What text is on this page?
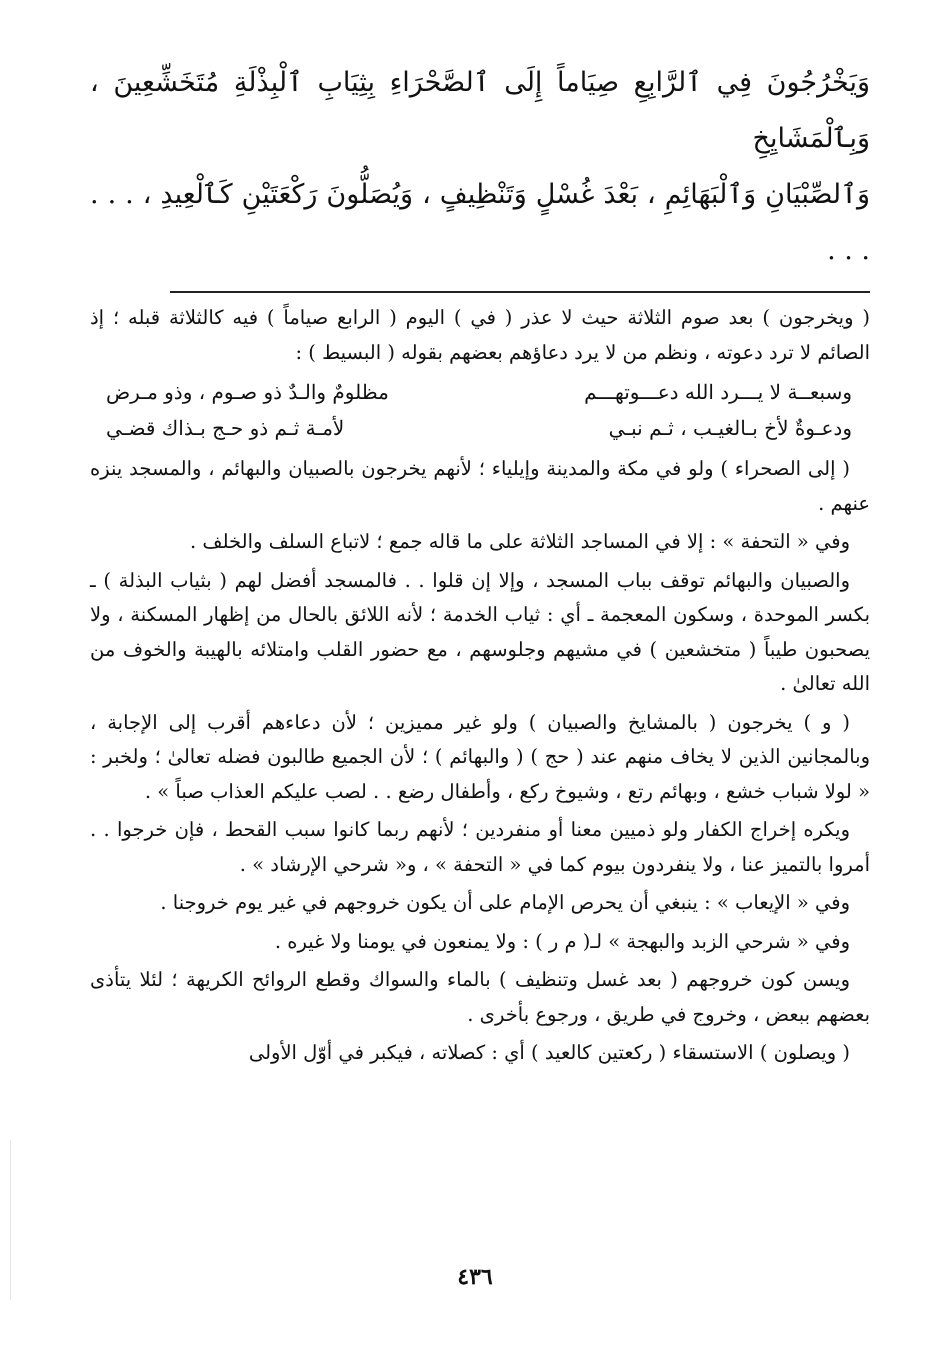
وَيَخْرُجُونَ فِي ٱلرَّابِعِ صِيَاماً إِلَى ٱلصَّحْرَاءِ بِثِيَابِ ٱلْبِذْلَةِ مُتَخَشِّعِينَ ، وَبِٱلْمَشَايِخِ
وَٱلصِّبْيَانِ وَٱلْبَهَائِمِ ، بَعْدَ غُسْلٍ وَتَنْظِيفٍ ، وَيُصَلُّونَ رَكْعَتَيْنِ كَٱلْعِيدِ ، . . . . . .

( ويخرجون ) بعد صوم الثلاثة حيث لا عذر ( في ) اليوم ( الرابع صياماً ) فيه كالثلاثة قبله ؛ إذ الصائم لا ترد دعوته ، ونظم من لا يرد دعاؤهم بعضهم بقوله ( البسيط ) :

وسبعــة لا يـــرد الله دعـــوتهـــم
مظلومٌ والـدٌ ذو صـوم ، وذو مـرض
ودعـوةٌ لأخ بـالغيـب ، ثـم نبـي
لأمـة ثـم ذو حـج بـذاك قضـي

( إلى الصحراء ) ولو في مكة والمدينة وإيلياء ؛ لأنهم يخرجون بالصبيان والبهائم ، والمسجد ينزه عنهم .

وفي « التحفة » : إلا في المساجد الثلاثة على ما قاله جمع ؛ لاتباع السلف والخلف .

والصبيان والبهائم توقف بباب المسجد ، وإلا إن قلوا . . فالمسجد أفضل لهم ( بثياب البذلة ) ـ بكسر الموحدة ، وسكون المعجمة ـ أي : ثياب الخدمة ؛ لأنه اللائق بالحال من إظهار المسكنة ، ولا يصحبون طيباً ( متخشعين ) في مشيهم وجلوسهم ، مع حضور القلب وامتلائه بالهيبة والخوف من الله تعالىٰ .

( و ) يخرجون ( بالمشايخ والصبيان ) ولو غير مميزين ؛ لأن دعاءهم أقرب إلى الإجابة ، وبالمجانين الذين لا يخاف منهم عند ( حج ) ( والبهائم ) ؛ لأن الجميع طالبون فضله تعالىٰ ؛ ولخبر : « لولا شباب خشع ، وبهائم رتع ، وشيوخ ركع ، وأطفال رضع . . لصب عليكم العذاب صباً » .

ويكره إخراج الكفار ولو ذميين معنا أو منفردين ؛ لأنهم ربما كانوا سبب القحط ، فإن خرجوا . . أمروا بالتميز عنا ، ولا ينفردون بيوم كما في « التحفة » ، و« شرحي الإرشاد » .

وفي « الإيعاب » : ينبغي أن يحرص الإمام على أن يكون خروجهم في غير يوم خروجنا .

وفي « شرحي الزبد والبهجة » لـ( م ر ) : ولا يمنعون في يومنا ولا غيره .

ويسن كون خروجهم ( بعد غسل وتنظيف ) بالماء والسواك وقطع الروائح الكريهة ؛ لئلا يتأذى بعضهم ببعض ، وخروج في طريق ، ورجوع بأخرى .

( ويصلون ) الاستسقاء ( ركعتين كالعيد ) أي : كصلاته ، فيكبر في أوّل الأولى

٤٣٦
